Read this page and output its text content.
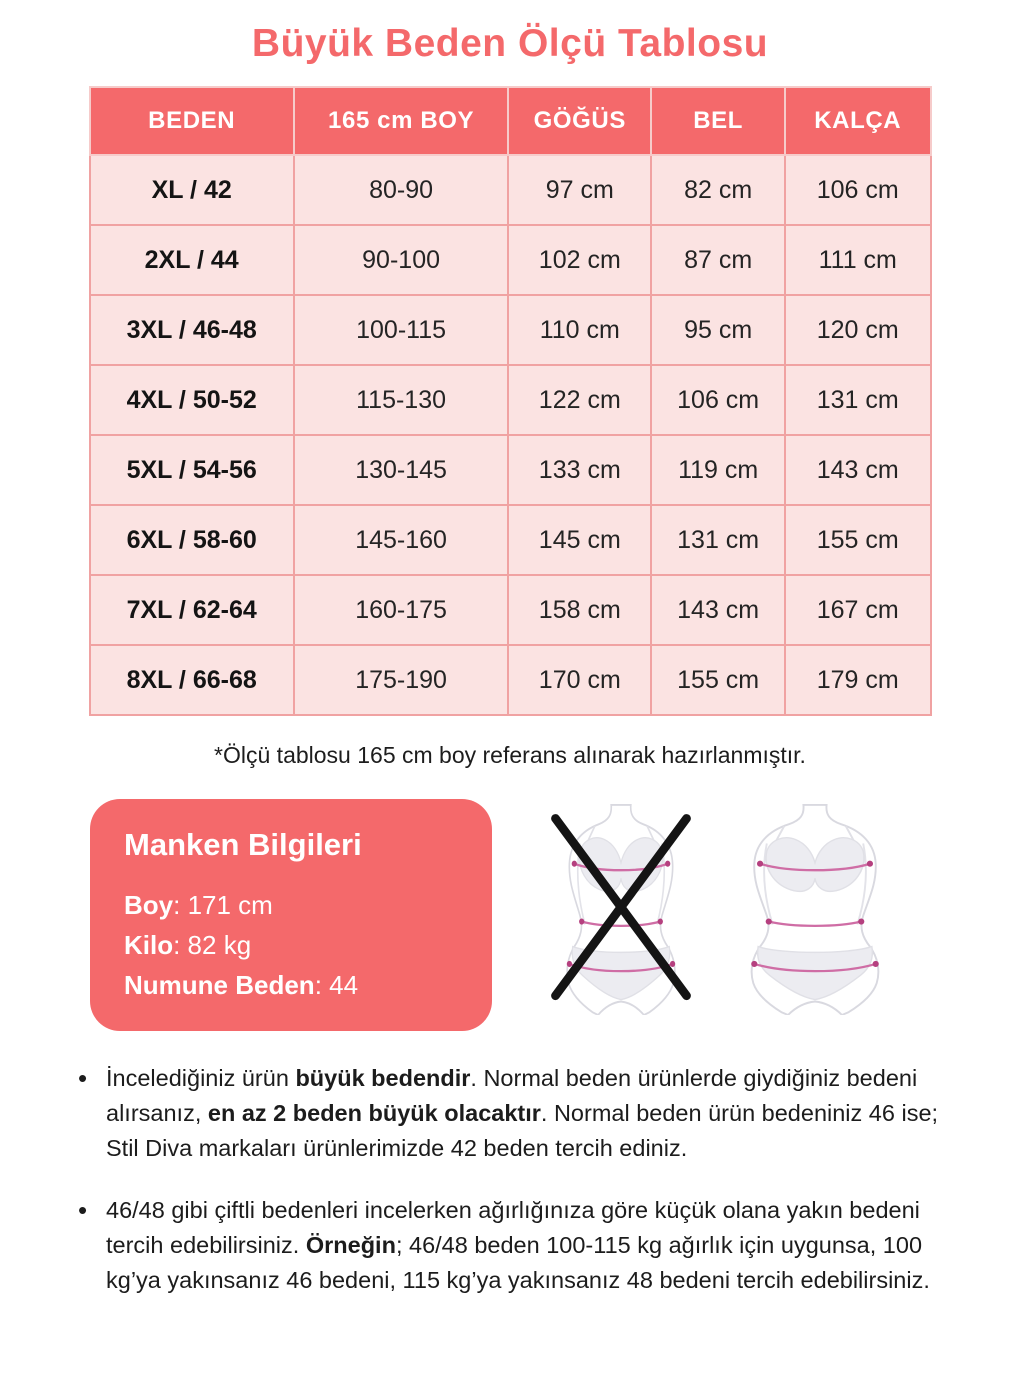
Büyük Beden Ölçü Tablosu
BEDEN	165 cm BOY	GÖĞÜS	BEL	KALÇA
XL / 42	80-90	97 cm	82 cm	106 cm
2XL / 44	90-100	102 cm	87 cm	111 cm
3XL / 46-48	100-115	110 cm	95 cm	120 cm
4XL / 50-52	115-130	122 cm	106 cm	131 cm
5XL / 54-56	130-145	133 cm	119 cm	143 cm
6XL / 58-60	145-160	145 cm	131 cm	155 cm
7XL / 62-64	160-175	158 cm	143 cm	167 cm
8XL / 66-68	175-190	170 cm	155 cm	179 cm

*Ölçü tablosu 165 cm boy referans alınarak hazırlanmıştır.

Manken Bilgileri
Boy: 171 cm
Kilo: 82 kg
Numune Beden: 44
• İncelediğiniz ürün büyük bedendir. Normal beden ürünlerde giydiğiniz bedeni alırsanız, en az 2 beden büyük olacaktır. Normal beden ürün bedeniniz 46 ise; Stil Diva markaları ürünlerimizde 42 beden tercih ediniz.
• 46/48 gibi çiftli bedenleri incelerken ağırlığınıza göre küçük olana yakın bedeni tercih edebilirsiniz. Örneğin; 46/48 beden 100-115 kg ağırlık için uygunsa, 100 kg’ya yakınsanız 46 bedeni, 115 kg’ya yakınsanız 48 bedeni tercih edebilirsiniz.
